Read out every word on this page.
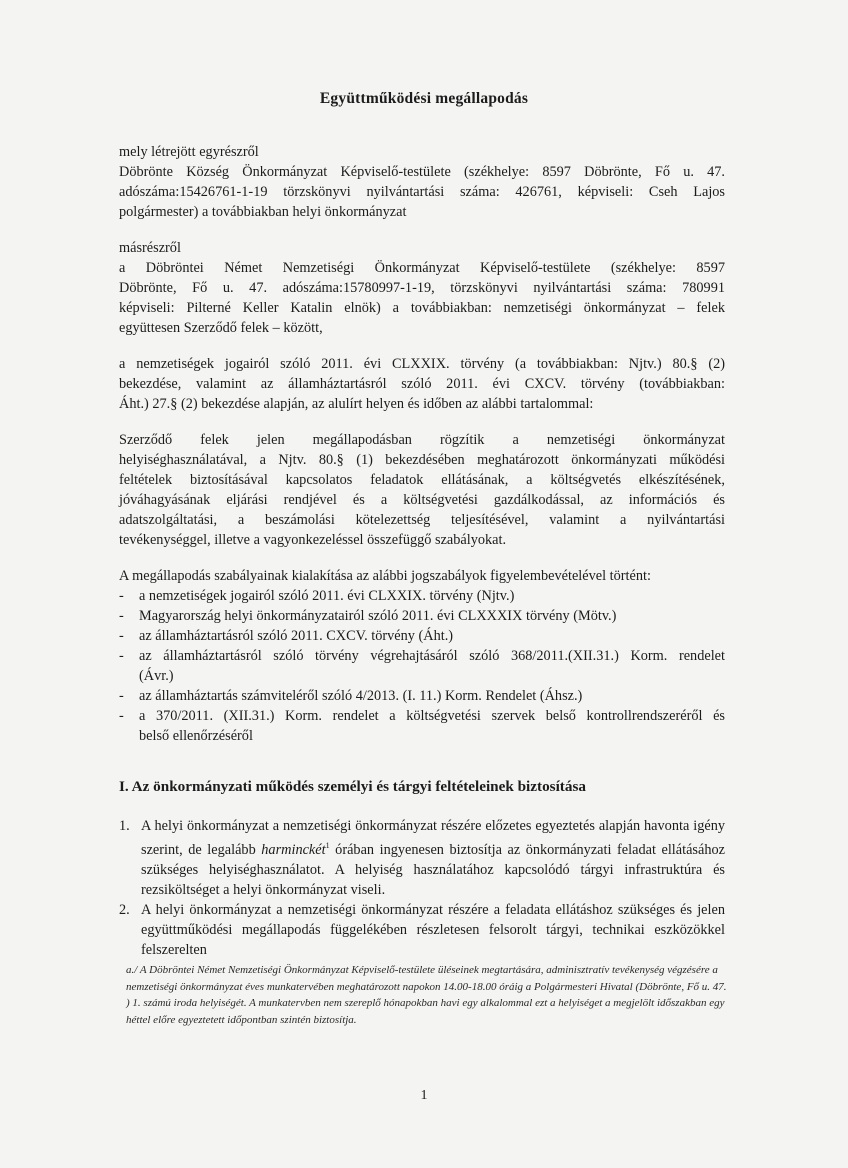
Együttműködési megállapodás
mely létrejött egyrészről
Döbrönte Község Önkormányzat Képviselő-testülete (székhelye: 8597 Döbrönte, Fő u. 47.
adószáma:15426761-1-19 törzskönyvi nyilvántartási száma: 426761, képviseli: Cseh Lajos
polgármester) a továbbiakban helyi önkormányzat
másrészről
a Döbröntei Német Nemzetiségi Önkormányzat Képviselő-testülete (székhelye: 8597
Döbrönte, Fő u. 47. adószáma:15780997-1-19, törzskönyvi nyilvántartási száma: 780991
képviseli: Pilterné Keller Katalin elnök) a továbbiakban: nemzetiségi önkormányzat – felek
együttesen Szerződő felek – között,
a nemzetiségek jogairól szóló 2011. évi CLXXIX. törvény (a továbbiakban: Njtv.) 80.§ (2)
bekezdése, valamint az államháztartásról szóló 2011. évi CXCV. törvény (továbbiakban:
Áht.) 27.§ (2) bekezdése alapján, az alulírt helyen és időben az alábbi tartalommal:
Szerződő felek jelen megállapodásban rögzítik a nemzetiségi önkormányzat
helyiséghasználatával, a Njtv. 80.§ (1) bekezdésében meghatározott önkormányzati működési
feltételek biztosításával kapcsolatos feladatok ellátásának, a költségvetés elkészítésének,
jóváhagyásának eljárási rendjével és a költségvetési gazdálkodással, az információs és
adatszolgáltatási, a beszámolási kötelezettség teljesítésével, valamint a nyilvántartási
tevékenységgel, illetve a vagyonkezeléssel összefüggő szabályokat.
A megállapodás szabályainak kialakítása az alábbi jogszabályok figyelembevételével történt:
- a nemzetiségek jogairól szóló 2011. évi CLXXIX. törvény (Njtv.)
- Magyarország helyi önkormányzatairól szóló 2011. évi CLXXXIX törvény (Mötv.)
- az államháztartásról szóló 2011. CXCV. törvény (Áht.)
- az államháztartásról szóló törvény végrehajtásáról szóló 368/2011.(XII.31.) Korm. rendelet
(Ávr.)
- az államháztartás számviteléről szóló 4/2013. (I. 11.) Korm. Rendelet (Áhsz.)
- a 370/2011. (XII.31.) Korm. rendelet a költségvetési szervek belső kontrollrendszeréről és
belső ellenőrzéséről
I. Az önkormányzati működés személyi és tárgyi feltételeinek biztosítása
1. A helyi önkormányzat a nemzetiségi önkormányzat részére előzetes egyeztetés alapján havonta igény szerint, de legalább harminckét$^1$ órában ingyenesen biztosítja az önkormányzati feladat ellátásához szükséges helyiséghasználatot. A helyiség használatához kapcsolódó tárgyi infrastruktúra és rezsiköltséget a helyi önkormányzat viseli.
2. A helyi önkormányzat a nemzetiségi önkormányzat részére a feladata ellátáshoz szükséges és jelen együttműködési megállapodás függelékében részletesen felsorolt tárgyi, technikai eszközökkel felszerelten
a./ A Döbröntei Német Nemzetiségi Önkormányzat Képviselő-testülete üléseinek megtartására, adminisztratív tevékenység végzésére a nemzetiségi önkormányzat éves munkatervében meghatározott napokon 14.00-18.00 óráig a Polgármesteri Hivatal (Döbrönte, Fő u. 47. ) 1. számú iroda helyiségét. A munkatervben nem szereplő hónapokban havi egy alkalommal ezt a helyiséget a megjelölt időszakban egy héttel előre egyeztetett időpontban szintén biztosítja.
1
